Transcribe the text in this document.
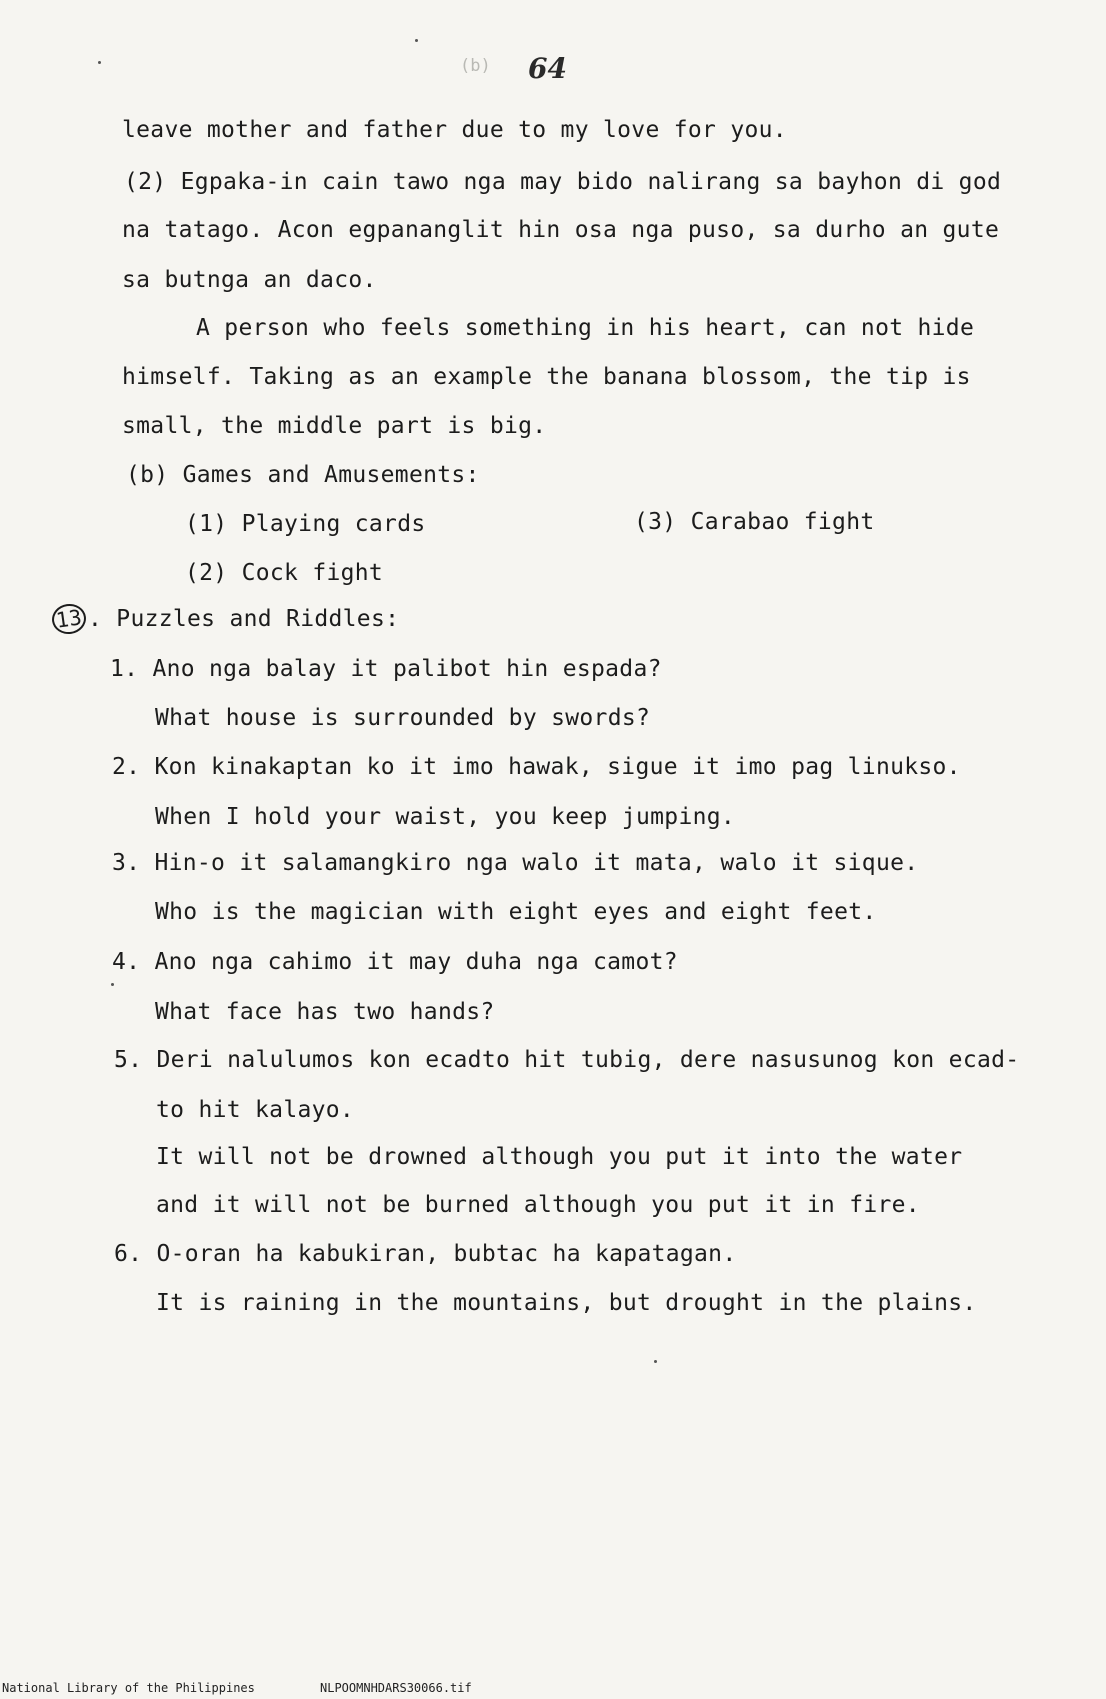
(b) 64
leave mother and father due to my love for you.
(2) Egpaka-in cain tawo nga may bido nalirang sa bayhon di god
na tatago. Acon egpananglit hin osa nga puso, sa durho an gute
sa butnga an daco.
A person who feels something in his heart, can not hide
himself. Taking as an example the banana blossom, the tip is
small, the middle part is big.
(b) Games and Amusements:
(1) Playing cards	(3) Carabao fight
(2) Cock fight
13 . Puzzles and Riddles:
1. Ano nga balay it palibot hin espada?
What house is surrounded by swords?
2. Kon kinakaptan ko it imo hawak, sigue it imo pag linukso.
When I hold your waist, you keep jumping.
3. Hin-o it salamangkiro nga walo it mata, walo it sique.
Who is the magician with eight eyes and eight feet.
4. Ano nga cahimo it may duha nga camot?
What face has two hands?
5. Deri nalulumos kon ecadto hit tubig, dere nasusunog kon ecad-
to hit kalayo.
It will not be drowned although you put it into the water
and it will not be burned although you put it in fire.
6. O-oran ha kabukiran, bubtac ha kapatagan.
It is raining in the mountains, but drought in the plains.
National Library of the Philippines	NLPOOMNHDARS30066.tif
